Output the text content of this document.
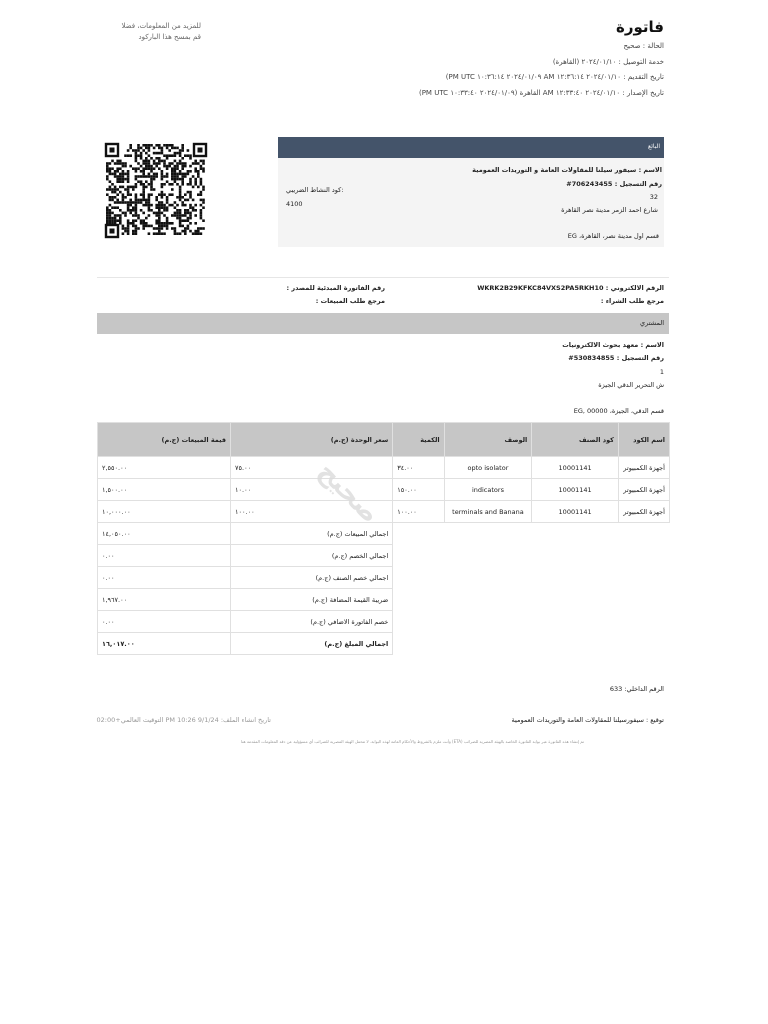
فاتورة
الحالة : صحيح
خدمة التوصيل : ٢٠٢٤/٠١/١٠ (القاهرة)
تاريخ التقديم : ٢٠٢٤/٠١/١٠ ١٢:٣٦:١٤ AM ٢٠٢٤/٠١/٠٩ ١٠:٣٦:١٤ PM UTC)
تاريخ الإصدار : ٢٠٢٤/٠١/١٠ ١٢:٣٣:٤٠ AM القاهرة (٢٠٢٤/٠١/٠٩ ١٠:٣٣:٤٠ PM UTC)
للمزيد من المعلومات، فضلا
قم بمسح هذا الباركود
البائع
الاسم : سيفور سيلنا للمقاولات العامة و التوريدات العمومية
رقم التسجيل : 706243455#
32
شارع احمد الزمر مدينة نصر القاهرة
قسم اول مدينة نصر، القاهرة، EG
كود النشاط الضريبي:
4100
الرقم الالكتروني : WKRK2B29KFKC84VXS2PA5RKH10
مرجع طلب الشراء :
رقم الفاتورة المبدئية للمصدر :
مرجع طلب المبيعات :
المشتري
الاسم : معهد بحوث الالكترونيات
رقم التسجيل : 530834855#
1
ش التحرير الدقي الجيزة
قسم الدقي، الجيزة، EG, 00000
اسم الكود	كود الصنف	الوصف	الكمية	سعر الوحدة (ج.م)	قيمة المبيعات (ج.م)
أجهزة الكمبيوتر	10001141	opto isolator	٣٤.٠٠	٧٥.٠٠	٢,٥٥٠.٠٠
أجهزة الكمبيوتر	10001141	indicators	١٥٠.٠٠	١٠.٠٠	١,٥٠٠.٠٠
أجهزة الكمبيوتر	10001141	terminals and Banana	١٠٠.٠٠	١٠٠.٠٠	١٠,٠٠٠.٠٠
				اجمالي المبيعات (ج.م)	١٤,٠٥٠.٠٠
				اجمالي الخصم (ج.م)	٠.٠٠
				اجمالي خصم الصنف (ج.م)	٠.٠٠
				ضريبة القيمة المضافة (ج.م)	١,٩٦٧.٠٠
				خصم الفاتورة الاضافي (ج.م)	٠.٠٠
				اجمالي المبلغ (ج.م)	١٦,٠١٧.٠٠
صحيح
الرقم الداخلي: 633
توقيع : سيفورسيلنا للمقاولات العامة والتوريدات العمومية
تاريخ انشاء الملف: 9/1/24 PM 10:26 التوقيت العالمي+02:00
تم إنشاء هذه الفاتورة عبر بوابة الفاتورة الخاصة بالهيئة المصرية للضرائب (ETA) وأنت ملزم بالشروط والأحكام العامة لهذه البوابة. لا تتحمل الهيئة المصرية للضرائب أي مسؤولية عن دقة المعلومات المقدمة هنا
